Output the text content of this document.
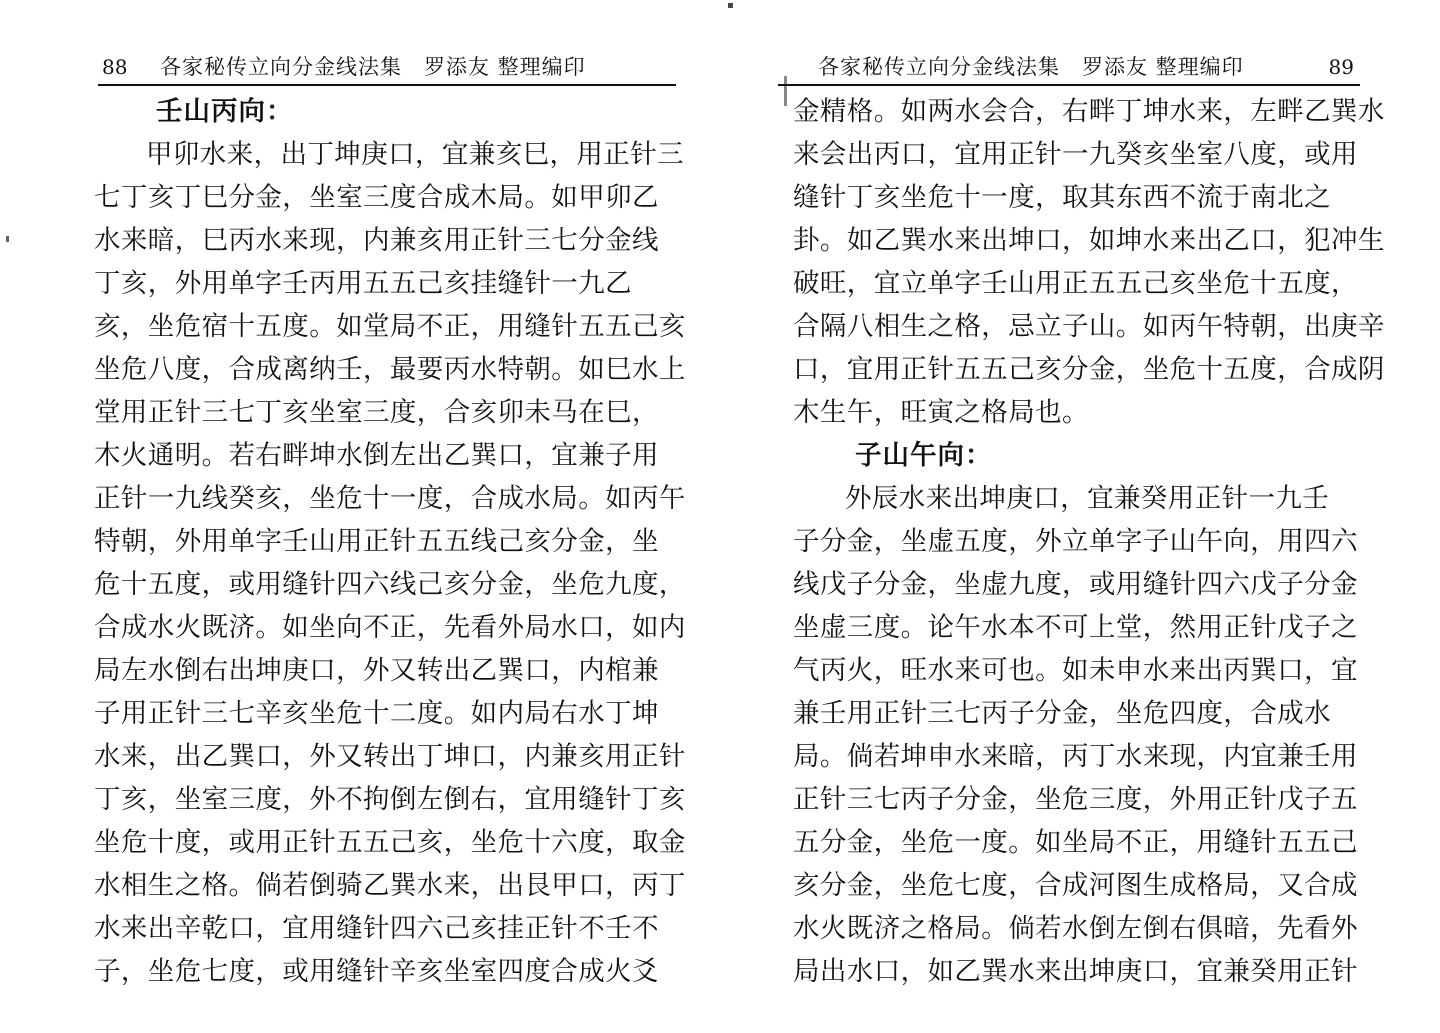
▪
88 各家秘传立向分金线法集　罗添友 整理编印
壬山丙向：
甲卯水来，出丁坤庚口，宜兼亥巳，用正针三
七丁亥丁巳分金，坐室三度合成木局。如甲卯乙
水来暗，巳丙水来现，内兼亥用正针三七分金线
丁亥，外用单字壬丙用五五己亥挂缝针一九乙
亥，坐危宿十五度。如堂局不正，用缝针五五己亥
坐危八度，合成离纳壬，最要丙水特朝。如巳水上
堂用正针三七丁亥坐室三度，合亥卯未马在巳，
木火通明。若右畔坤水倒左出乙巽口，宜兼子用
正针一九线癸亥，坐危十一度，合成水局。如丙午
特朝，外用单字壬山用正针五五线己亥分金，坐
危十五度，或用缝针四六线己亥分金，坐危九度，
合成水火既济。如坐向不正，先看外局水口，如内
局左水倒右出坤庚口，外又转出乙巽口，内棺兼
子用正针三七辛亥坐危十二度。如内局右水丁坤
水来，出乙巽口，外又转出丁坤口，内兼亥用正针
丁亥，坐室三度，外不拘倒左倒右，宜用缝针丁亥
坐危十度，或用正针五五己亥，坐危十六度，取金
水相生之格。倘若倒骑乙巽水来，出艮甲口，丙丁
水来出辛乾口，宜用缝针四六己亥挂正针不壬不
子，坐危七度，或用缝针辛亥坐室四度合成火爻
各家秘传立向分金线法集　罗添友 整理编印	89
金精格。如两水会合，右畔丁坤水来，左畔乙巽水
来会出丙口，宜用正针一九癸亥坐室八度，或用
缝针丁亥坐危十一度，取其东西不流于南北之
卦。如乙巽水来出坤口，如坤水来出乙口，犯冲生
破旺，宜立单字壬山用正五五己亥坐危十五度，
合隔八相生之格，忌立子山。如丙午特朝，出庚辛
口，宜用正针五五己亥分金，坐危十五度，合成阴
木生午，旺寅之格局也。
子山午向：
外辰水来出坤庚口，宜兼癸用正针一九壬
子分金，坐虚五度，外立单字子山午向，用四六
线戊子分金，坐虚九度，或用缝针四六戊子分金
坐虚三度。论午水本不可上堂，然用正针戊子之
气丙火，旺水来可也。如未申水来出丙巽口，宜
兼壬用正针三七丙子分金，坐危四度，合成水
局。倘若坤申水来暗，丙丁水来现，内宜兼壬用
正针三七丙子分金，坐危三度，外用正针戊子五
五分金，坐危一度。如坐局不正，用缝针五五己
亥分金，坐危七度，合成河图生成格局，又合成
水火既济之格局。倘若水倒左倒右俱暗，先看外
局出水口，如乙巽水来出坤庚口，宜兼癸用正针
